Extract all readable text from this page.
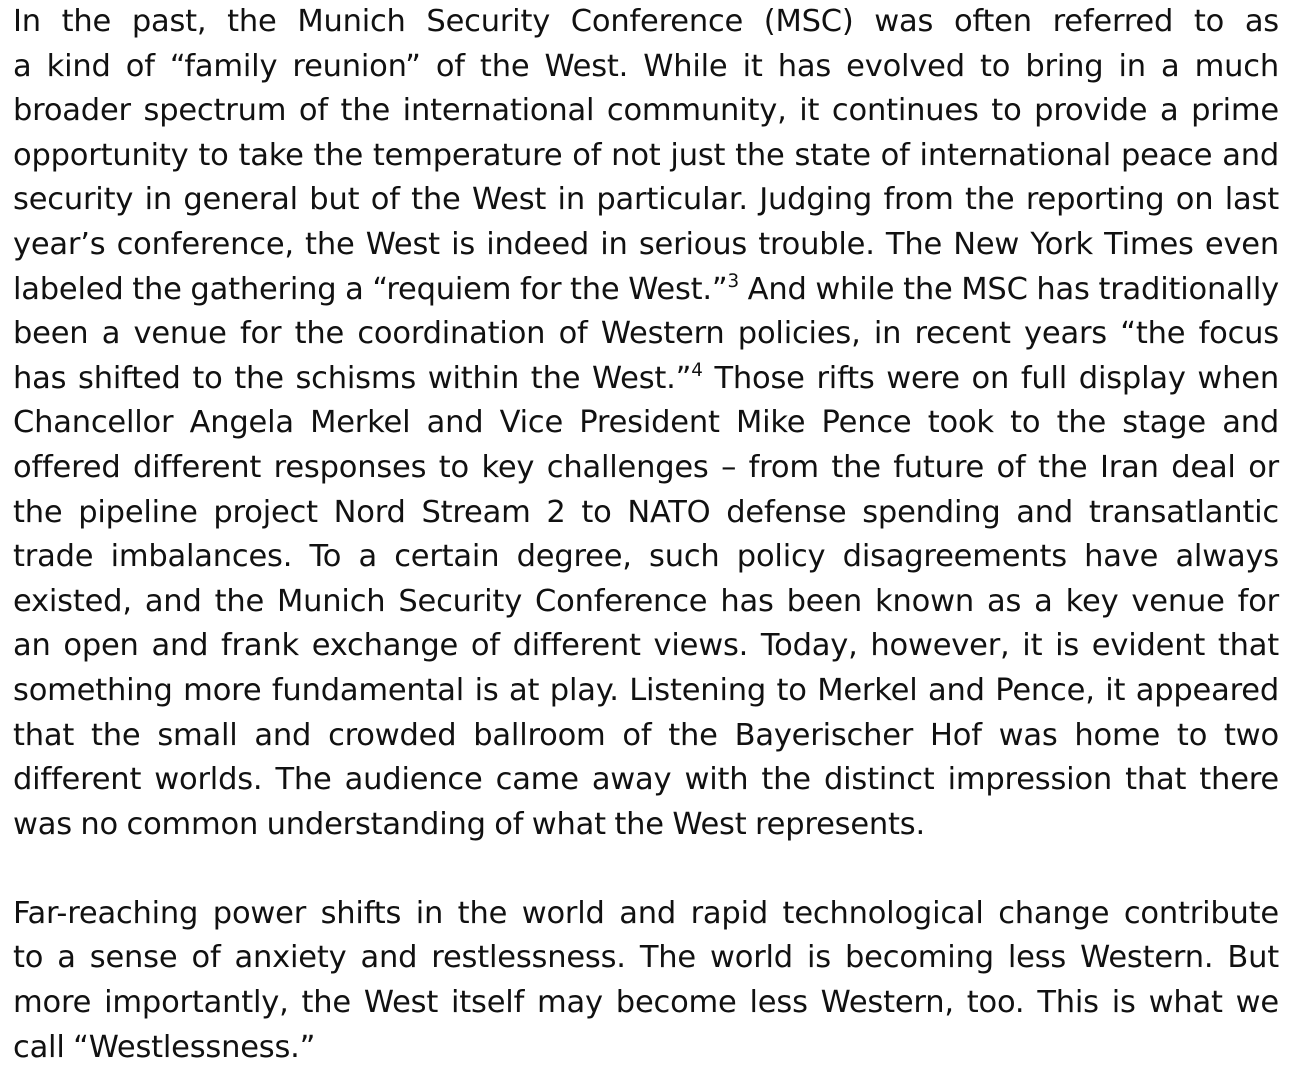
In the past, the Munich Security Conference (MSC) was often referred to as
a kind of “family reunion” of the West. While it has evolved to bring in a much
broader spectrum of the international community, it continues to provide a prime
opportunity to take the temperature of not just the state of international peace and
security in general but of the West in particular. Judging from the reporting on last
year’s conference, the West is indeed in serious trouble. The New York Times even
labeled the gathering a “requiem for the West.”$^3$ And while the MSC has traditionally
been a venue for the coordination of Western policies, in recent years “the focus
has shifted to the schisms within the West.”$^4$ Those rifts were on full display when
Chancellor Angela Merkel and Vice President Mike Pence took to the stage and
offered different responses to key challenges – from the future of the Iran deal or
the pipeline project Nord Stream 2 to NATO defense spending and transatlantic
trade imbalances. To a certain degree, such policy disagreements have always
existed, and the Munich Security Conference has been known as a key venue for
an open and frank exchange of different views. Today, however, it is evident that
something more fundamental is at play. Listening to Merkel and Pence, it appeared
that the small and crowded ballroom of the Bayerischer Hof was home to two
different worlds. The audience came away with the distinct impression that there
was no common understanding of what the West represents.

Far-reaching power shifts in the world and rapid technological change contribute
to a sense of anxiety and restlessness. The world is becoming less Western. But
more importantly, the West itself may become less Western, too. This is what we
call “Westlessness.”
